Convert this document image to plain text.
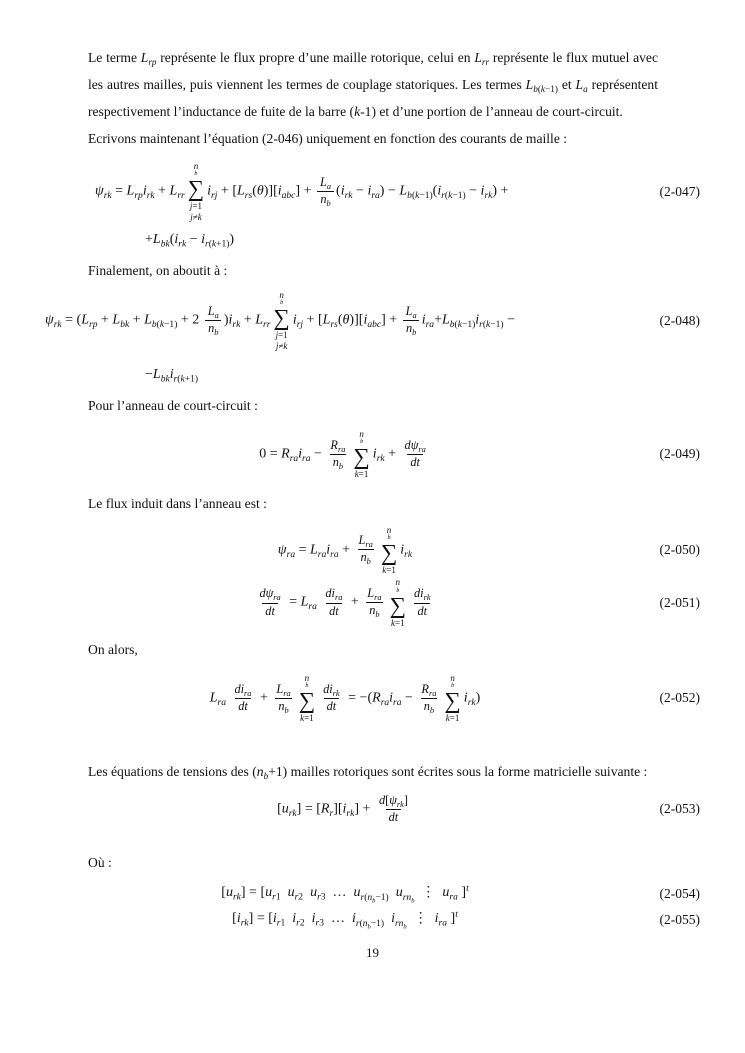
Le terme $L_{rp}$ représente le flux propre d’une maille rotorique, celui en $L_{rr}$ représente le flux mutuel avec les autres mailles, puis viennent les termes de couplage statoriques. Les termes $L_{b(k-1)}$ et $L_a$ représentent respectivement l’inductance de fuite de la barre (k-1) et d’une portion de l’anneau de court-circuit.

Ecrivons maintenant l’équation (2-046) uniquement en fonction des courants de maille :

$\psi_{rk} = L_{rp}i_{rk} + L_{rr}$
n
b
∑
j=1
j≠k
$i_{rj} + [L_{rs}(\theta)][i_{abc}] + \frac{L_a}{n_b} (i_{rk} - i_{ra}) - L_{b(k-1)}(i_{r(k-1)} - i_{rk})$ +	(2-047)
$+L_{bk}(i_{rk} - i_{r(k+1)})$

Finalement, on aboutit à :

$\psi_{rk} = (L_{rp} + L_{bk} + L_{b(k-1)} + 2 \frac{L_a}{n_b} )i_{rk} + L_{rr}$
n
b
∑
j=1
j≠k
$i_{rj} + [L_{rs}(\theta)][i_{abc}] + \frac{L_a}{n_b} i_{ra}+L_{b(k-1)}i_{r(k-1)}$ −	(2-048)
$-L_{bk}i_{r(k+1)}$

Pour l’anneau de court-circuit :

$0 = R_{ra}i_{ra}$ −
$R_{ra}$
$n_b$
n
b
∑
k=1
$i_{rk}$ +
$d\psi_{ra}$
dt
(2-049)

Le flux induit dans l’anneau est :

$\psi_{ra} = L_{ra}i_{ra}$ +
$L_{ra}$
$n_b$
n
b
∑
k=1
$i_{rk}$	(2-050)
$d\psi_{ra}$
dt
= $L_{ra}$
$di_{ra}$
dt
+
$L_{ra}$
$n_b$
n
b
∑
k=1
$di_{rk}$
dt
(2-051)

On alors,

$L_{ra}$
$di_{ra}$
dt
+
$L_{ra}$
$n_b$
n
b
∑
k=1
$di_{rk}$
dt
= $-(R_{ra}i_{ra}$ −
$R_{ra}$
$n_b$
n
b
∑
k=1
$i_{rk}$)	(2-052)

Les équations de tensions des $(n_b+1)$ mailles rotoriques sont écrites sous la forme matricielle suivante :

$[u_{rk}] = [R_r][i_{rk}]$ +
$d[\psi_{rk}]$
dt
(2-053)

Où :

$[u_{rk}] = [u_{r1}$ $u_{r2}$ $u_{r3}$ … $u_{r(n_b-1)}$ $u_{rn_b}$  ⋮ $u_{ra}$ ]$^t$	(2-054)
$[i_{rk}] = [i_{r1}$ $i_{r2}$ $i_{r3}$ … $i_{r(n_b-1)}$ $i_{rn_b}$  ⋮ $i_{ra}$ ]$^t$	(2-055)
19
